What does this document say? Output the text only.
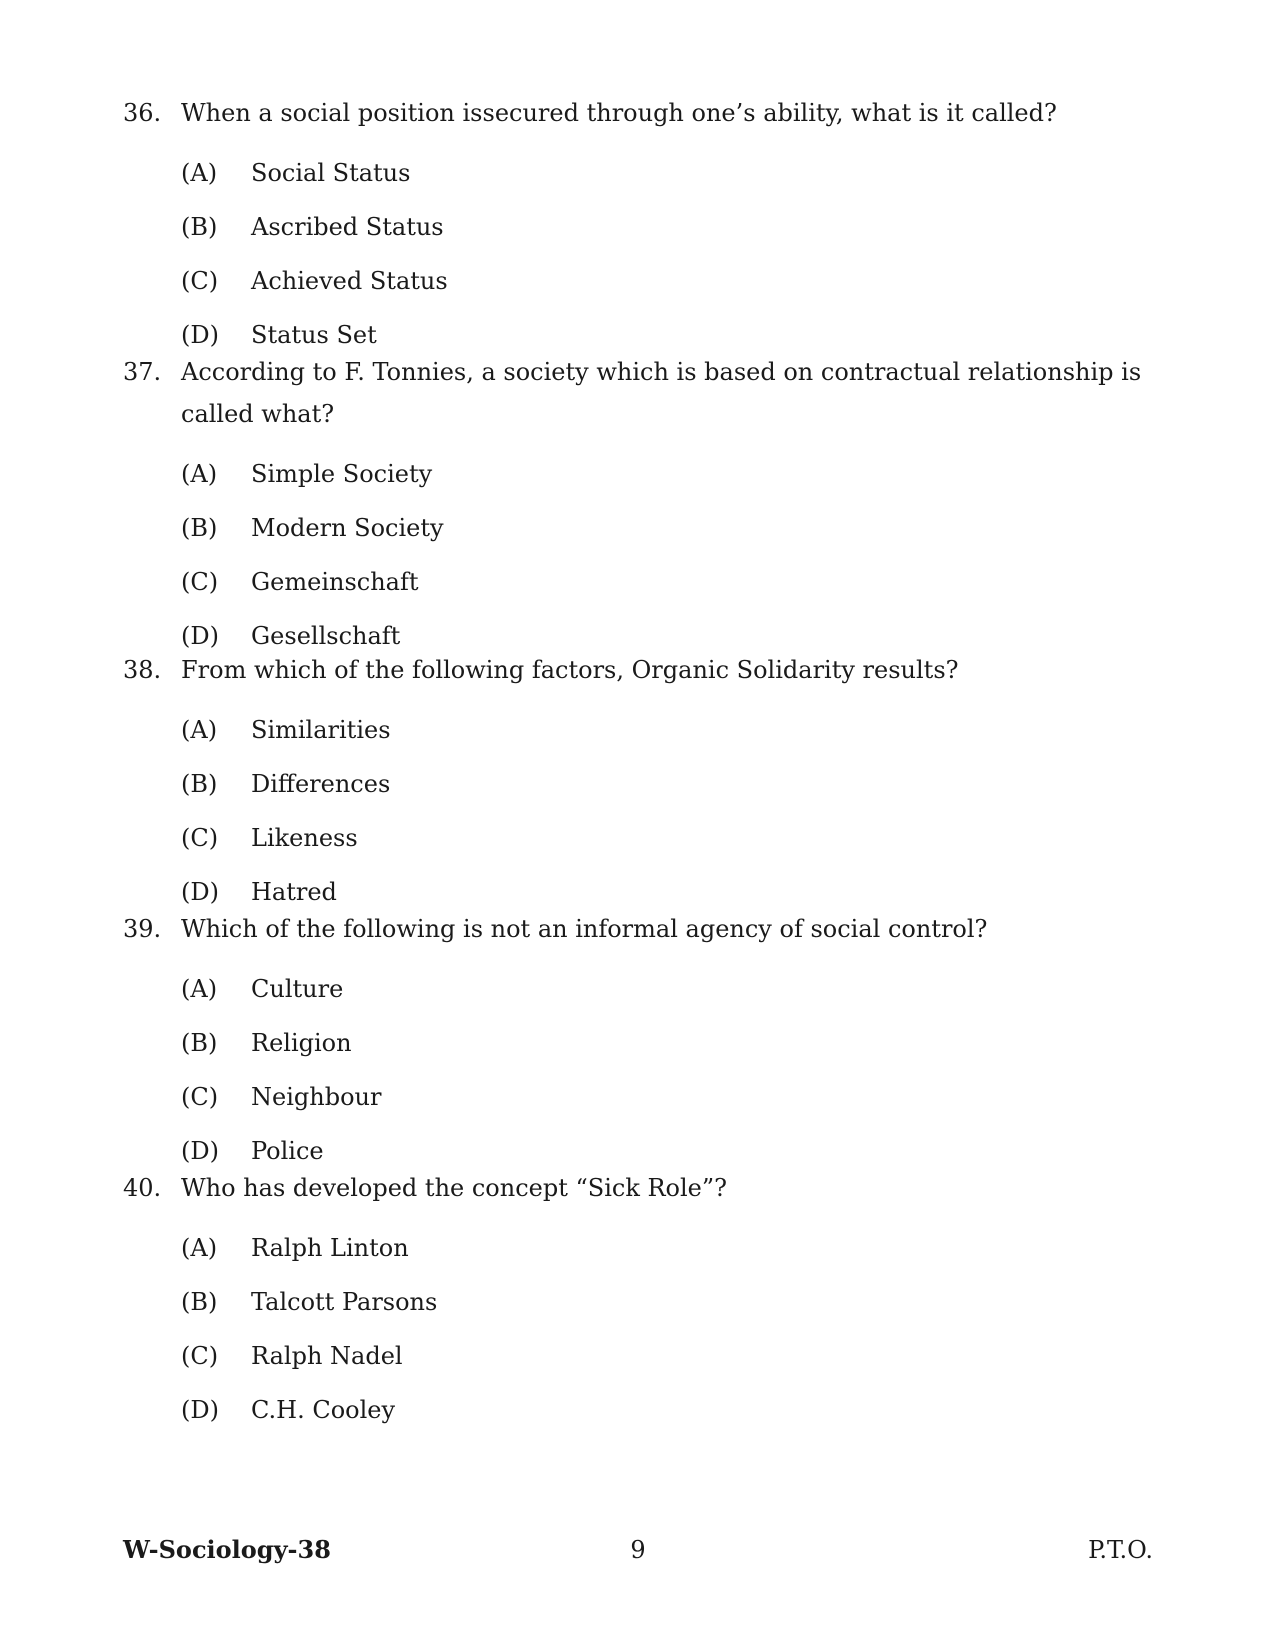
36. When a social position issecured through one’s ability, what is it called?
(A)	Social Status
(B)	Ascribed Status
(C)	Achieved Status
(D)	Status Set
37. According to F. Tonnies, a society which is based on contractual relationship is called what?
(A)	Simple Society
(B)	Modern Society
(C)	Gemeinschaft
(D)	Gesellschaft
38. From which of the following factors, Organic Solidarity results?
(A)	Similarities
(B)	Differences
(C)	Likeness
(D)	Hatred
39. Which of the following is not an informal agency of social control?
(A)	Culture
(B)	Religion
(C)	Neighbour
(D)	Police
40. Who has developed the concept “Sick Role”?
(A)	Ralph Linton
(B)	Talcott Parsons
(C)	Ralph Nadel
(D)	C.H. Cooley
9
W-Sociology-38	P.T.O.
